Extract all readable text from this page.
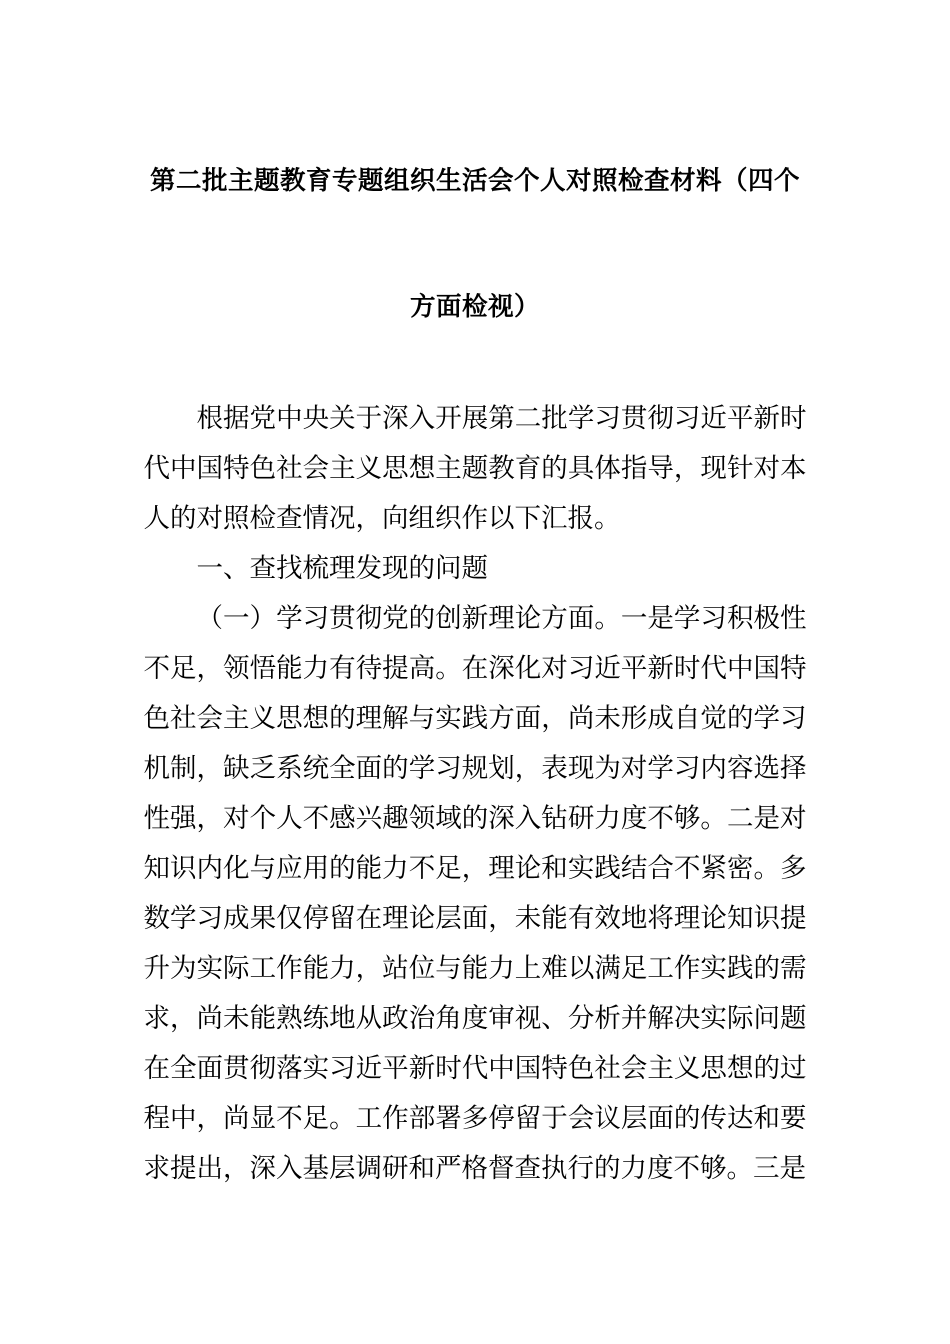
第二批主题教育专题组织生活会个人对照检查材料（四个方面检视）

根据党中央关于深入开展第二批学习贯彻习近平新时代中国特色社会主义思想主题教育的具体指导，现针对本人的对照检查情况，向组织作以下汇报。

一、查找梳理发现的问题

（一）学习贯彻党的创新理论方面。一是学习积极性不足，领悟能力有待提高。在深化对习近平新时代中国特色社会主义思想的理解与实践方面，尚未形成自觉的学习机制，缺乏系统全面的学习规划，表现为对学习内容选择性强，对个人不感兴趣领域的深入钻研力度不够。二是对知识内化与应用的能力不足，理论和实践结合不紧密。多数学习成果仅停留在理论层面，未能有效地将理论知识提升为实际工作能力，站位与能力上难以满足工作实践的需求，尚未能熟练地从政治角度审视、分析并解决实际问题在全面贯彻落实习近平新时代中国特色社会主义思想的过程中，尚显不足。工作部署多停留于会议层面的传达和要求提出，深入基层调研和严格督查执行的力度不够。三是
